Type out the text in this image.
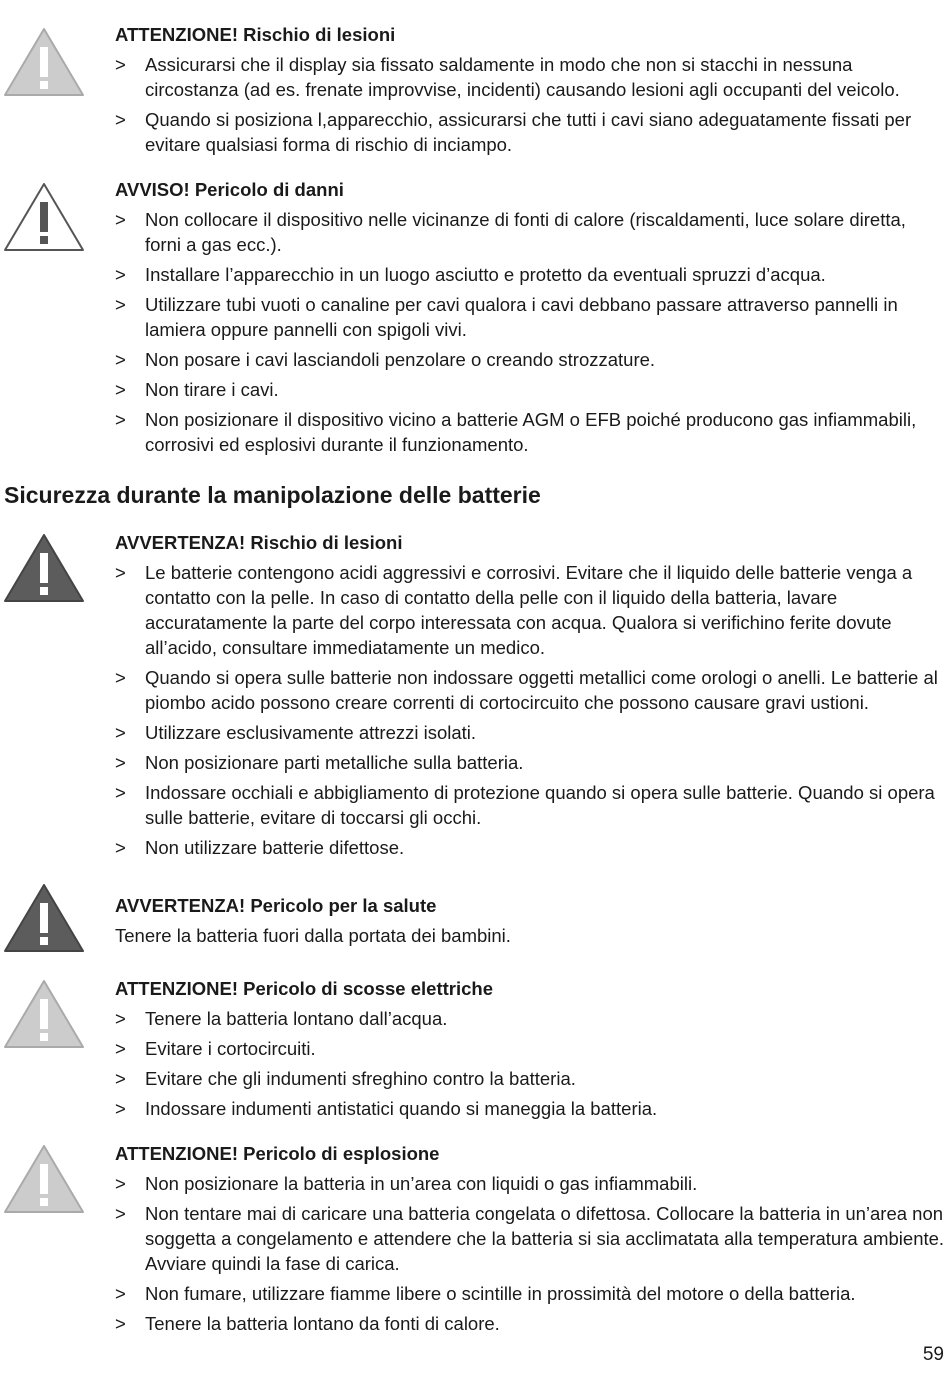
ATTENZIONE! Rischio di lesioni

> Assicurarsi che il display sia fissato saldamente in modo che non si stacchi in nessuna circostanza (ad es. frenate improvvise, incidenti) causando lesioni agli occupanti del veicolo.
> Quando si posiziona l,apparecchio, assicurarsi che tutti i cavi siano adeguatamente fissati per evitare qualsiasi forma di rischio di inciampo.

AVVISO! Pericolo di danni

> Non collocare il dispositivo nelle vicinanze di fonti di calore (riscaldamenti, luce solare diretta, forni a gas ecc.).
> Installare l’apparecchio in un luogo asciutto e protetto da eventuali spruzzi d’acqua.
> Utilizzare tubi vuoti o canaline per cavi qualora i cavi debbano passare attraverso pannelli in lamiera oppure pannelli con spigoli vivi.
> Non posare i cavi lasciandoli penzolare o creando strozzature.
> Non tirare i cavi.
> Non posizionare il dispositivo vicino a batterie AGM o EFB poiché producono gas infiammabili, corrosivi ed esplosivi durante il funzionamento.
Sicurezza durante la manipolazione delle batterie

AVVERTENZA! Rischio di lesioni

> Le batterie contengono acidi aggressivi e corrosivi. Evitare che il liquido delle batterie venga a contatto con la pelle. In caso di contatto della pelle con il liquido della batteria, lavare accuratamente la parte del corpo interessata con acqua. Qualora si verifichino ferite dovute all’acido, consultare immediatamente un medico.
> Quando si opera sulle batterie non indossare oggetti metallici come orologi o anelli. Le batterie al piombo acido possono creare correnti di cortocircuito che possono causare gravi ustioni.
> Utilizzare esclusivamente attrezzi isolati.
> Non posizionare parti metalliche sulla batteria.
> Indossare occhiali e abbigliamento di protezione quando si opera sulle batterie. Quando si opera sulle batterie, evitare di toccarsi gli occhi.
> Non utilizzare batterie difettose.

AVVERTENZA! Pericolo per la salute

Tenere la batteria fuori dalla portata dei bambini.

ATTENZIONE! Pericolo di scosse elettriche

> Tenere la batteria lontano dall’acqua.
> Evitare i cortocircuiti.
> Evitare che gli indumenti sfreghino contro la batteria.
> Indossare indumenti antistatici quando si maneggia la batteria.

ATTENZIONE! Pericolo di esplosione

> Non posizionare la batteria in un’area con liquidi o gas infiammabili.
> Non tentare mai di caricare una batteria congelata o difettosa. Collocare la batteria in un’area non soggetta a congelamento e attendere che la batteria si sia acclimatata alla temperatura ambiente. Avviare quindi la fase di carica.
> Non fumare, utilizzare fiamme libere o scintille in prossimità del motore o della batteria.
> Tenere la batteria lontano da fonti di calore.
59
